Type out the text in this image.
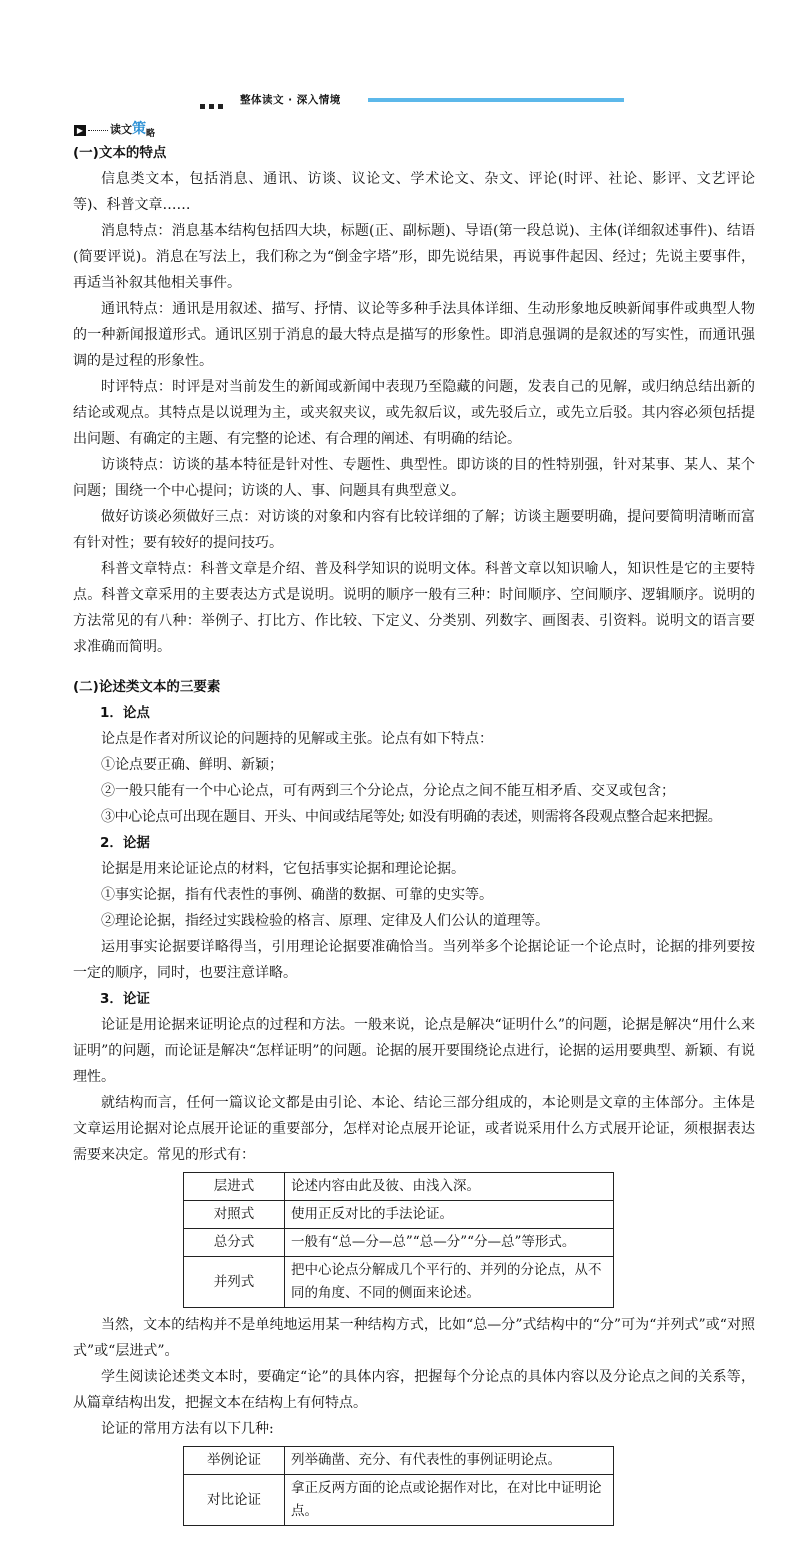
整体读文 · 深入情境
▶ 读文策$_略$

(一)文本的特点

信息类文本，包括消息、通讯、访谈、议论文、学术论文、杂文、评论(时评、社论、影评、文艺评论等)、科普文章……

消息特点：消息基本结构包括四大块，标题(正、副标题)、导语(第一段总说)、主体(详细叙述事件)、结语(简要评说)。消息在写法上，我们称之为“倒金字塔”形，即先说结果，再说事件起因、经过；先说主要事件，再适当补叙其他相关事件。

通讯特点：通讯是用叙述、描写、抒情、议论等多种手法具体详细、生动形象地反映新闻事件或典型人物的一种新闻报道形式。通讯区别于消息的最大特点是描写的形象性。即消息强调的是叙述的写实性，而通讯强调的是过程的形象性。

时评特点：时评是对当前发生的新闻或新闻中表现乃至隐藏的问题，发表自己的见解，或归纳总结出新的结论或观点。其特点是以说理为主，或夹叙夹议，或先叙后议，或先驳后立，或先立后驳。其内容必须包括提出问题、有确定的主题、有完整的论述、有合理的阐述、有明确的结论。

访谈特点：访谈的基本特征是针对性、专题性、典型性。即访谈的目的性特别强，针对某事、某人、某个问题；围绕一个中心提问；访谈的人、事、问题具有典型意义。

做好访谈必须做好三点：对访谈的对象和内容有比较详细的了解；访谈主题要明确，提问要简明清晰而富有针对性；要有较好的提问技巧。

科普文章特点：科普文章是介绍、普及科学知识的说明文体。科普文章以知识喻人，知识性是它的主要特点。科普文章采用的主要表达方式是说明。说明的顺序一般有三种：时间顺序、空间顺序、逻辑顺序。说明的方法常见的有八种：举例子、打比方、作比较、下定义、分类别、列数字、画图表、引资料。说明文的语言要求准确而简明。

(二)论述类文本的三要素

1．论点

论点是作者对所议论的问题持的见解或主张。论点有如下特点：

①论点要正确、鲜明、新颖；

②一般只能有一个中心论点，可有两到三个分论点，分论点之间不能互相矛盾、交叉或包含；

③中心论点可出现在题目、开头、中间或结尾等处; 如没有明确的表述，则需将各段观点整合起来把握。

2．论据

论据是用来论证论点的材料，它包括事实论据和理论论据。

①事实论据，指有代表性的事例、确凿的数据、可靠的史实等。

②理论论据，指经过实践检验的格言、原理、定律及人们公认的道理等。

运用事实论据要详略得当，引用理论论据要准确恰当。当列举多个论据论证一个论点时，论据的排列要按一定的顺序，同时，也要注意详略。

3．论证

论证是用论据来证明论点的过程和方法。一般来说，论点是解决“证明什么”的问题，论据是解决“用什么来证明”的问题，而论证是解决“怎样证明”的问题。论据的展开要围绕论点进行，论据的运用要典型、新颖、有说理性。

就结构而言，任何一篇议论文都是由引论、本论、结论三部分组成的，本论则是文章的主体部分。主体是文章运用论据对论点展开论证的重要部分，怎样对论点展开论证，或者说采用什么方式展开论证，须根据表达需要来决定。常见的形式有：

层进式	论述内容由此及彼、由浅入深。
对照式	使用正反对比的手法论证。
总分式	一般有“总—分—总”“总—分”“分—总”等形式。
并列式	把中心论点分解成几个平行的、并列的分论点，从不同的角度、不同的侧面来论述。

当然，文本的结构并不是单纯地运用某一种结构方式，比如“总—分”式结构中的“分”可为“并列式”或“对照式”或“层进式”。

学生阅读论述类文本时，要确定“论”的具体内容，把握每个分论点的具体内容以及分论点之间的关系等，从篇章结构出发，把握文本在结构上有何特点。

论证的常用方法有以下几种:

举例论证	列举确凿、充分、有代表性的事例证明论点。
对比论证	拿正反两方面的论点或论据作对比，在对比中证明论点。
